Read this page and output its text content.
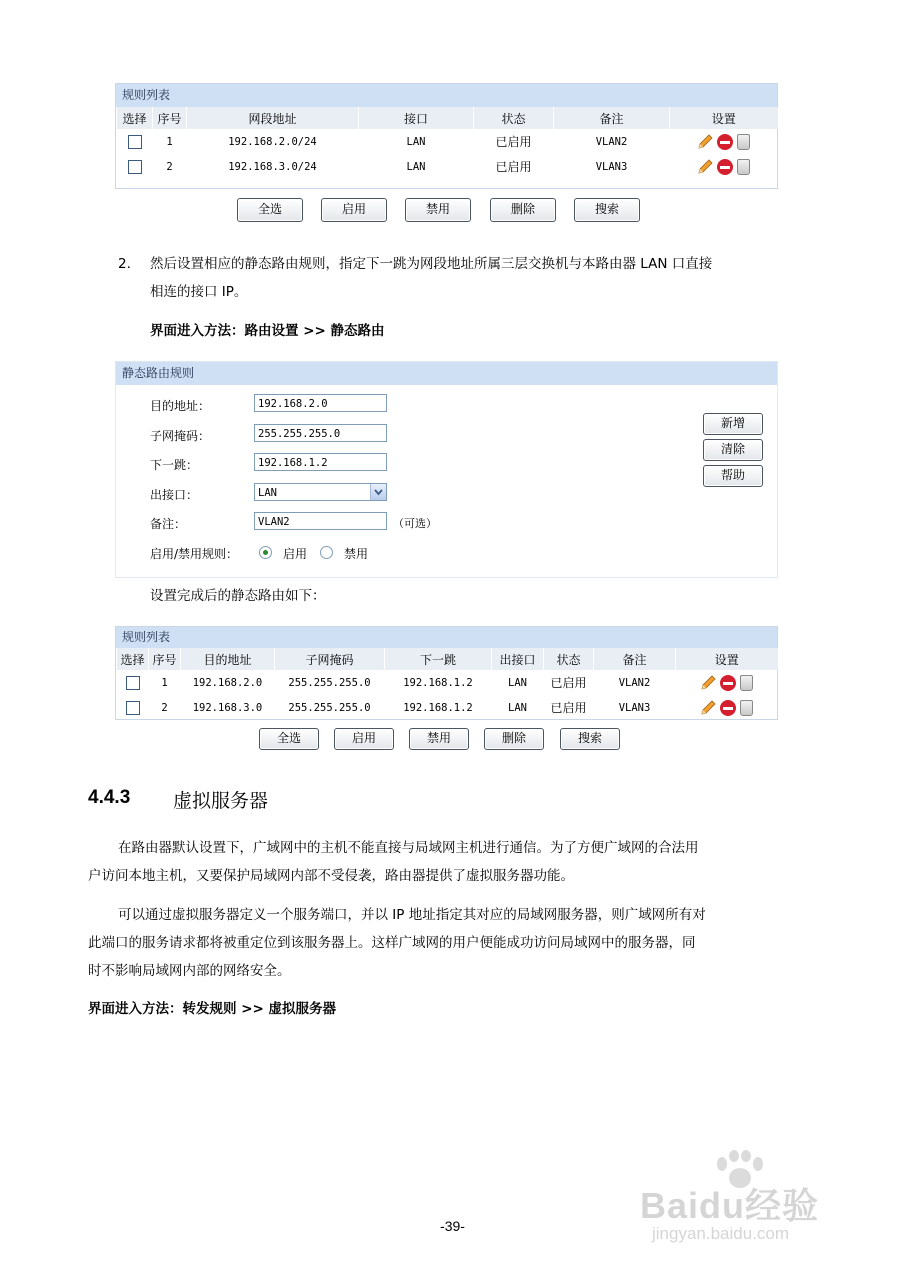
规则列表
选择	序号	网段地址	接口	状态	备注	设置
	1	192.168.2.0/24	LAN	已启用	VLAN2	

	2	192.168.3.0/24	LAN	已启用	VLAN3	
全选	启用	禁用	删除	搜索
2. 然后设置相应的静态路由规则，指定下一跳为网段地址所属三层交换机与本路由器 LAN 口直接
相连的接口 IP。
界面进入方法：路由设置 >> 静态路由
静态路由规则
目的地址：	192.168.2.0
子网掩码：	255.255.255.0
下一跳：	192.168.1.2
出接口：	LAN
备注：	VLAN2	（可选）
启用/禁用规则：	启用	禁用
新增
清除
帮助
设置完成后的静态路由如下：
规则列表
选择	序号	目的地址	子网掩码	下一跳	出接口	状态	备注	设置
	1	192.168.2.0	255.255.255.0	192.168.1.2	LAN	已启用	VLAN2	

	2	192.168.3.0	255.255.255.0	192.168.1.2	LAN	已启用	VLAN3	
全选	启用	禁用	删除	搜索
4.4.3 虚拟服务器
在路由器默认设置下，广域网中的主机不能直接与局域网主机进行通信。为了方便广域网的合法用
户访问本地主机，又要保护局域网内部不受侵袭，路由器提供了虚拟服务器功能。
可以通过虚拟服务器定义一个服务端口，并以 IP 地址指定其对应的局域网服务器，则广域网所有对
此端口的服务请求都将被重定位到该服务器上。这样广域网的用户便能成功访问局域网中的服务器，同
时不影响局域网内部的网络安全。
界面进入方法：转发规则 >> 虚拟服务器
Baidu经验
jingyan.baidu.com
-39-
